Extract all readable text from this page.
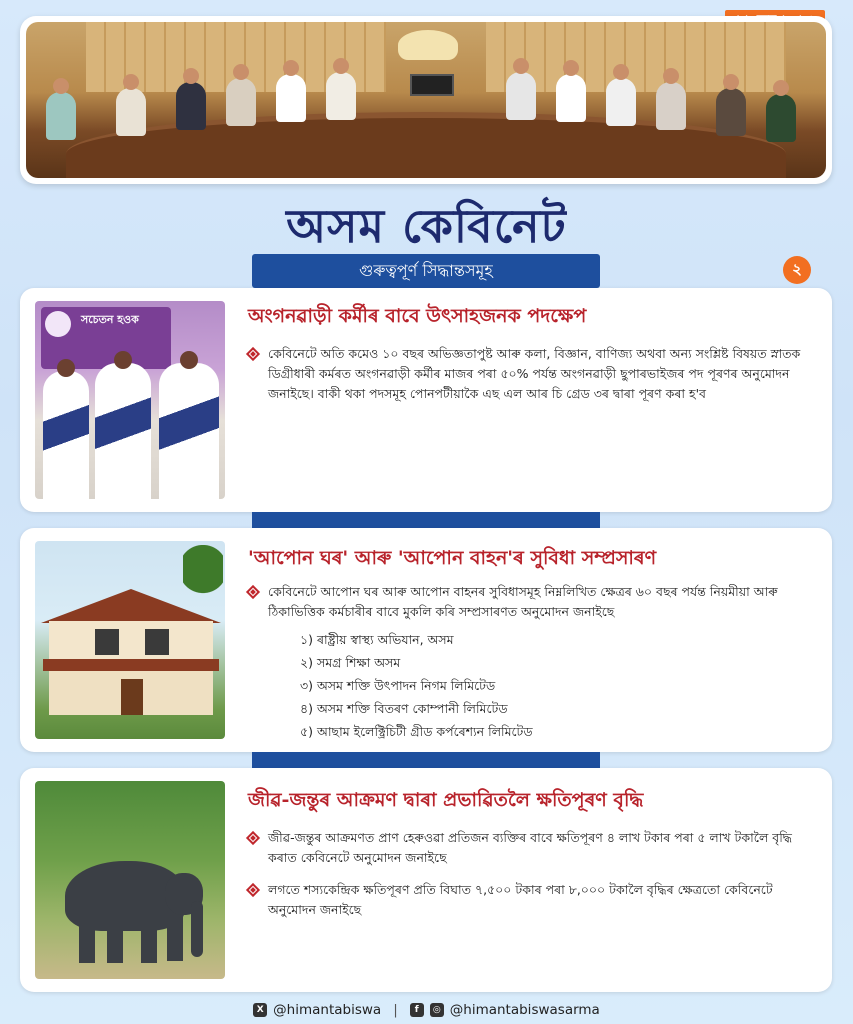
অসম কেবিনেট
গুৰুত্বপূৰ্ণ সিদ্ধান্তসমূহ	২
সচেতন হওক	অংগনৱাড়ী কৰ্মীৰ বাবে উৎসাহজনক পদক্ষেপ
কেবিনেটে অতি কমেও ১০ বছৰ অভিজ্ঞতাপুষ্ট আৰু কলা, বিজ্ঞান, বাণিজ্য অথবা অন্য সংশ্লিষ্ট বিষয়ত স্নাতক ডিগ্ৰীধাৰী কৰ্মৰত অংগনৱাড়ী কৰ্মীৰ মাজৰ পৰা ৫০% পৰ্যন্ত অংগনৱাড়ী ছুপাৰভাইজৰ পদ পূৰণৰ অনুমোদন জনাইছে। বাকী থকা পদসমূহ পোনপটীয়াকৈ এছ এল আৰ চি গ্ৰেড ৩ৰ দ্বাৰা পূৰণ কৰা হ'ব
'আপোন ঘৰ' আৰু 'আপোন বাহন'ৰ সুবিধা সম্প্ৰসাৰণ
কেবিনেটে আপোন ঘৰ আৰু আপোন বাহনৰ সুবিধাসমূহ নিম্নলিখিত ক্ষেত্ৰৰ ৬০ বছৰ পৰ্যন্ত নিয়মীয়া আৰু ঠিকাভিত্তিক কৰ্মচাৰীৰ বাবে মুকলি কৰি সম্প্ৰসাৰণত অনুমোদন জনাইছে
১) ৰাষ্ট্ৰীয় স্বাস্থ্য অভিযান, অসম
২) সমগ্ৰ শিক্ষা অসম
৩) অসম শক্তি উৎপাদন নিগম লিমিটেড
৪) অসম শক্তি বিতৰণ কোম্পানী লিমিটেড
৫) আছাম ইলেক্ট্ৰিচিটী গ্ৰীড কৰ্পৰেশ্যন লিমিটেড
জীৱ-জন্তুৰ আক্ৰমণ দ্বাৰা প্ৰভাৱিতলৈ ক্ষতিপূৰণ বৃদ্ধি
জীৱ-জন্তুৰ আক্ৰমণত প্ৰাণ হেৰুওৱা প্ৰতিজন ব্যক্তিৰ বাবে ক্ষতিপূৰণ ৪ লাখ টকাৰ পৰা ৫ লাখ টকালৈ বৃদ্ধি কৰাত কেবিনেটে অনুমোদন জনাইছে
লগতে শস্যকেন্দ্ৰিক ক্ষতিপূৰণ প্ৰতি বিঘাত ৭,৫০০ টকাৰ পৰা ৮,০০০ টকালৈ বৃদ্ধিৰ ক্ষেত্ৰতো কেবিনেটে অনুমোদন জনাইছে
X @himantabiswa |	f	◎ @himantabiswasarma
